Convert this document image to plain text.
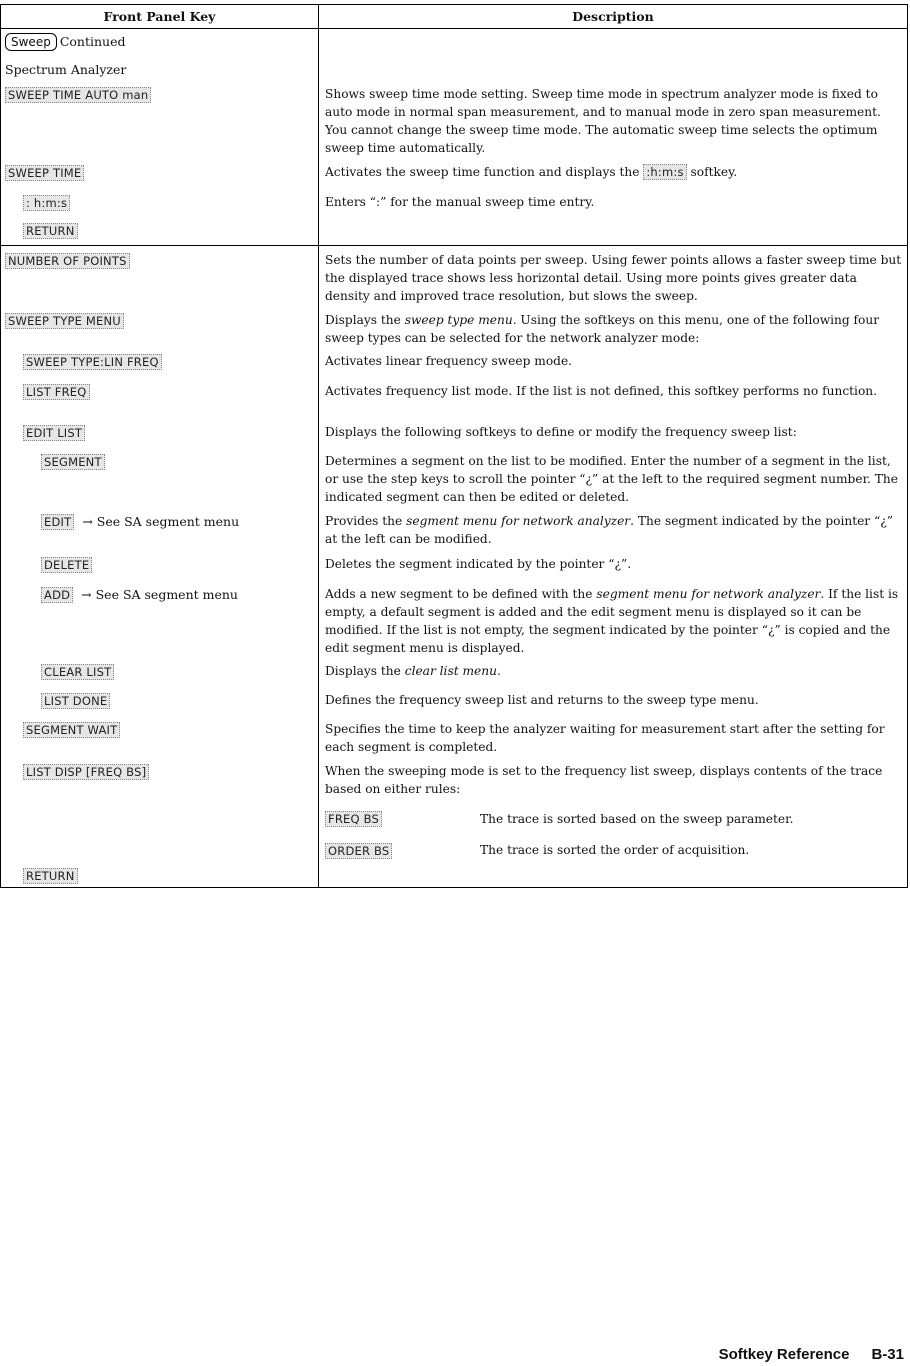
Front Panel Key	Description
Sweep Continued
Spectrum Analyzer
SWEEP TIME AUTO man	Shows sweep time mode setting. Sweep time mode in spectrum analyzer mode is fixed to auto mode in normal span measurement, and to manual mode in zero span measurement. You cannot change the sweep time mode. The automatic sweep time selects the optimum sweep time automatically.
SWEEP TIME	Activates the sweep time function and displays the :h:m:s softkey.
: h:m:s	Enters “:” for the manual sweep time entry.
RETURN
NUMBER OF POINTS	Sets the number of data points per sweep. Using fewer points allows a faster sweep time but the displayed trace shows less horizontal detail. Using more points gives greater data density and improved trace resolution, but slows the sweep.
SWEEP TYPE MENU	Displays the sweep type menu. Using the softkeys on this menu, one of the following four sweep types can be selected for the network analyzer mode:
SWEEP TYPE:LIN FREQ	Activates linear frequency sweep mode.
LIST FREQ	Activates frequency list mode. If the list is not defined, this softkey performs no function.
EDIT LIST	Displays the following softkeys to define or modify the frequency sweep list:
SEGMENT	Determines a segment on the list to be modified. Enter the number of a segment in the list, or use the step keys to scroll the pointer “¿” at the left to the required segment number. The indicated segment can then be edited or deleted.
EDIT → See SA segment menu	Provides the segment menu for network analyzer. The segment indicated by the pointer “¿” at the left can be modified.
DELETE	Deletes the segment indicated by the pointer “¿”.
ADD → See SA segment menu	Adds a new segment to be defined with the segment menu for network analyzer. If the list is empty, a default segment is added and the edit segment menu is displayed so it can be modified. If the list is not empty, the segment indicated by the pointer “¿” is copied and the edit segment menu is displayed.
CLEAR LIST	Displays the clear list menu.
LIST DONE	Defines the frequency sweep list and returns to the sweep type menu.
SEGMENT WAIT	Specifies the time to keep the analyzer waiting for measurement start after the setting for each segment is completed.
LIST DISP [FREQ BS]	When the sweeping mode is set to the frequency list sweep, displays contents of the trace based on either rules:
FREQ BS	The trace is sorted based on the sweep parameter.
ORDER BS	The trace is sorted the order of acquisition.
RETURN
Softkey Reference B-31
